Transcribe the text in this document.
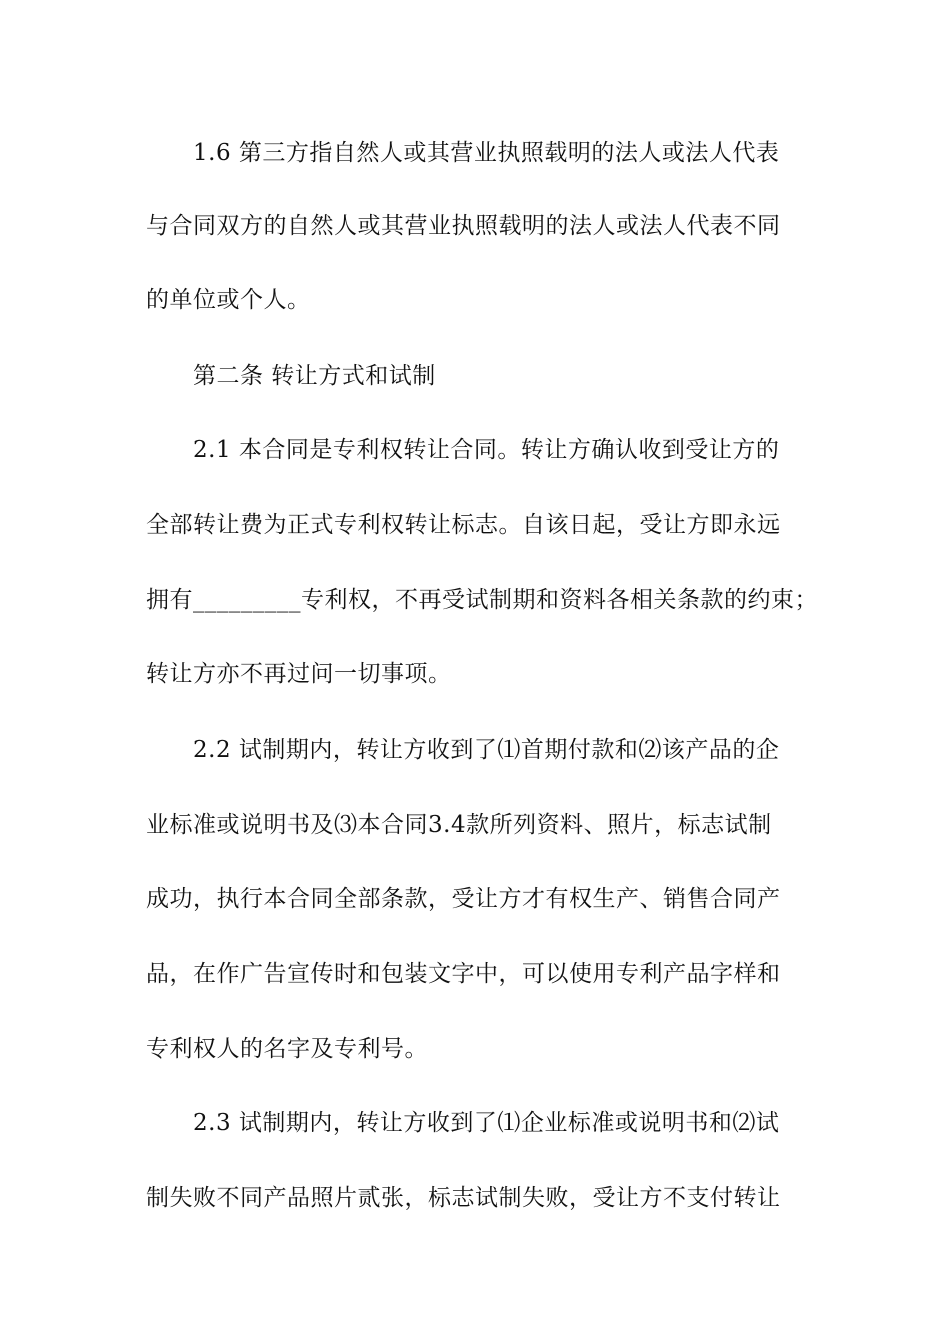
1.6 第三方指自然人或其营业执照载明的法人或法人代表
与合同双方的自然人或其营业执照载明的法人或法人代表不同
的单位或个人。
第二条 转让方式和试制
2.1 本合同是专利权转让合同。转让方确认收到受让方的
全部转让费为正式专利权转让标志。自该日起，受让方即永远
拥有_________专利权，不再受试制期和资料各相关条款的约束；
转让方亦不再过问一切事项。
2.2 试制期内，转让方收到了⑴首期付款和⑵该产品的企
业标准或说明书及⑶本合同3.4款所列资料、照片，标志试制
成功，执行本合同全部条款，受让方才有权生产、销售合同产
品，在作广告宣传时和包装文字中，可以使用专利产品字样和
专利权人的名字及专利号。
2.3 试制期内，转让方收到了⑴企业标准或说明书和⑵试
制失败不同产品照片贰张，标志试制失败，受让方不支付转让
